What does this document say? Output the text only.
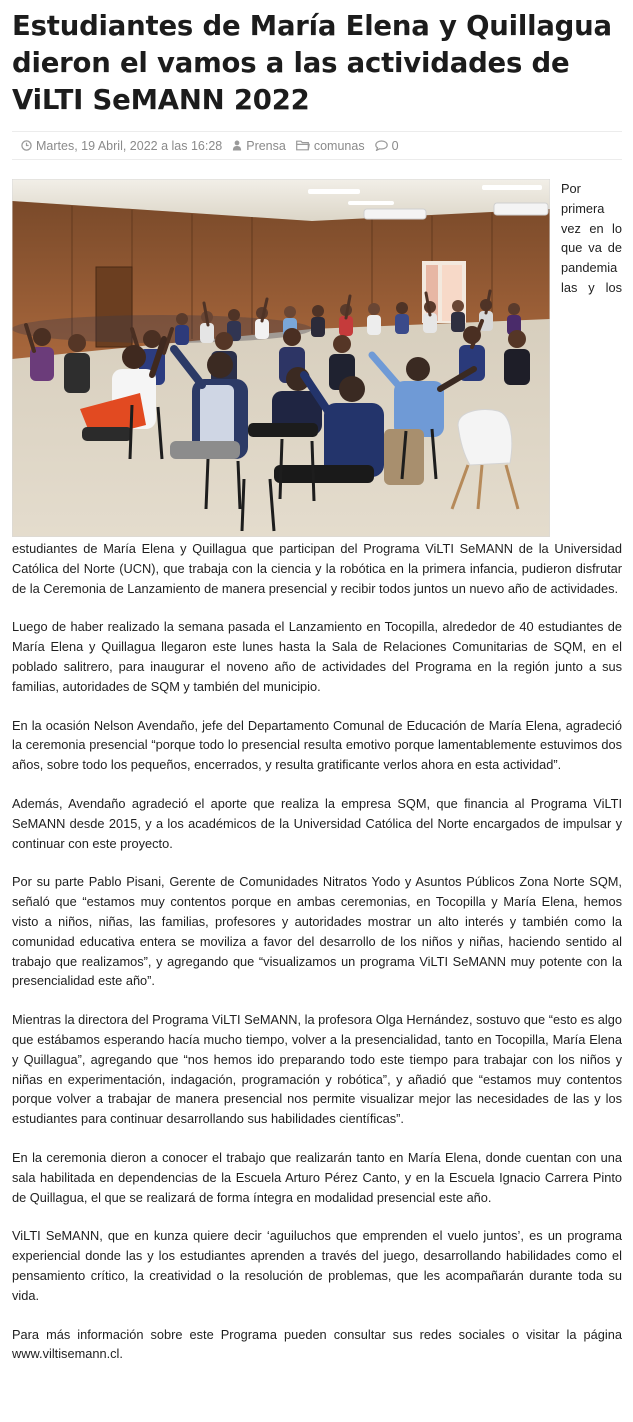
Estudiantes de María Elena y Quillagua dieron el vamos a las actividades de ViLTI SeMANN 2022
Martes, 19 Abril, 2022 a las 16:28 Prensa comunas 0

Por primera vez en lo que va de pandemia las y los estudiantes de María Elena y Quillagua que participan del Programa ViLTI SeMANN de la Universidad Católica del Norte (UCN), que trabaja con la ciencia y la robótica en la primera infancia, pudieron disfrutar de la Ceremonia de Lanzamiento de manera presencial y recibir todos juntos un nuevo año de actividades.

Luego de haber realizado la semana pasada el Lanzamiento en Tocopilla, alrededor de 40 estudiantes de María Elena y Quillagua llegaron este lunes hasta la Sala de Relaciones Comunitarias de SQM, en el poblado salitrero, para inaugurar el noveno año de actividades del Programa en la región junto a sus familias, autoridades de SQM y también del municipio.

En la ocasión Nelson Avendaño, jefe del Departamento Comunal de Educación de María Elena, agradeció la ceremonia presencial “porque todo lo presencial resulta emotivo porque lamentablemente estuvimos dos años, sobre todo los pequeños, encerrados, y resulta gratificante verlos ahora en esta actividad”.

Además, Avendaño agradeció el aporte que realiza la empresa SQM, que financia al Programa ViLTI SeMANN desde 2015, y a los académicos de la Universidad Católica del Norte encargados de impulsar y continuar con este proyecto.

Por su parte Pablo Pisani, Gerente de Comunidades Nitratos Yodo y Asuntos Públicos Zona Norte SQM, señaló que “estamos muy contentos porque en ambas ceremonias, en Tocopilla y María Elena, hemos visto a niños, niñas, las familias, profesores y autoridades mostrar un alto interés y también como la comunidad educativa entera se moviliza a favor del desarrollo de los niños y niñas, haciendo sentido al trabajo que realizamos”, y agregando que “visualizamos un programa ViLTI SeMANN muy potente con la presencialidad este año”.

Mientras la directora del Programa ViLTI SeMANN, la profesora Olga Hernández, sostuvo que “esto es algo que estábamos esperando hacía mucho tiempo, volver a la presencialidad, tanto en Tocopilla, María Elena y Quillagua”, agregando que “nos hemos ido preparando todo este tiempo para trabajar con los niños y niñas en experimentación, indagación, programación y robótica”, y añadió que “estamos muy contentos porque volver a trabajar de manera presencial nos permite visualizar mejor las necesidades de las y los estudiantes para continuar desarrollando sus habilidades científicas”.

En la ceremonia dieron a conocer el trabajo que realizarán tanto en María Elena, donde cuentan con una sala habilitada en dependencias de la Escuela Arturo Pérez Canto, y en la Escuela Ignacio Carrera Pinto de Quillagua, el que se realizará de forma íntegra en modalidad presencial este año.

ViLTI SeMANN, que en kunza quiere decir ‘aguiluchos que emprenden el vuelo juntos’, es un programa experiencial donde las y los estudiantes aprenden a través del juego, desarrollando habilidades como el pensamiento crítico, la creatividad o la resolución de problemas, que les acompañarán durante toda su vida.

Para más información sobre este Programa pueden consultar sus redes sociales o visitar la página www.viltisemann.cl.
